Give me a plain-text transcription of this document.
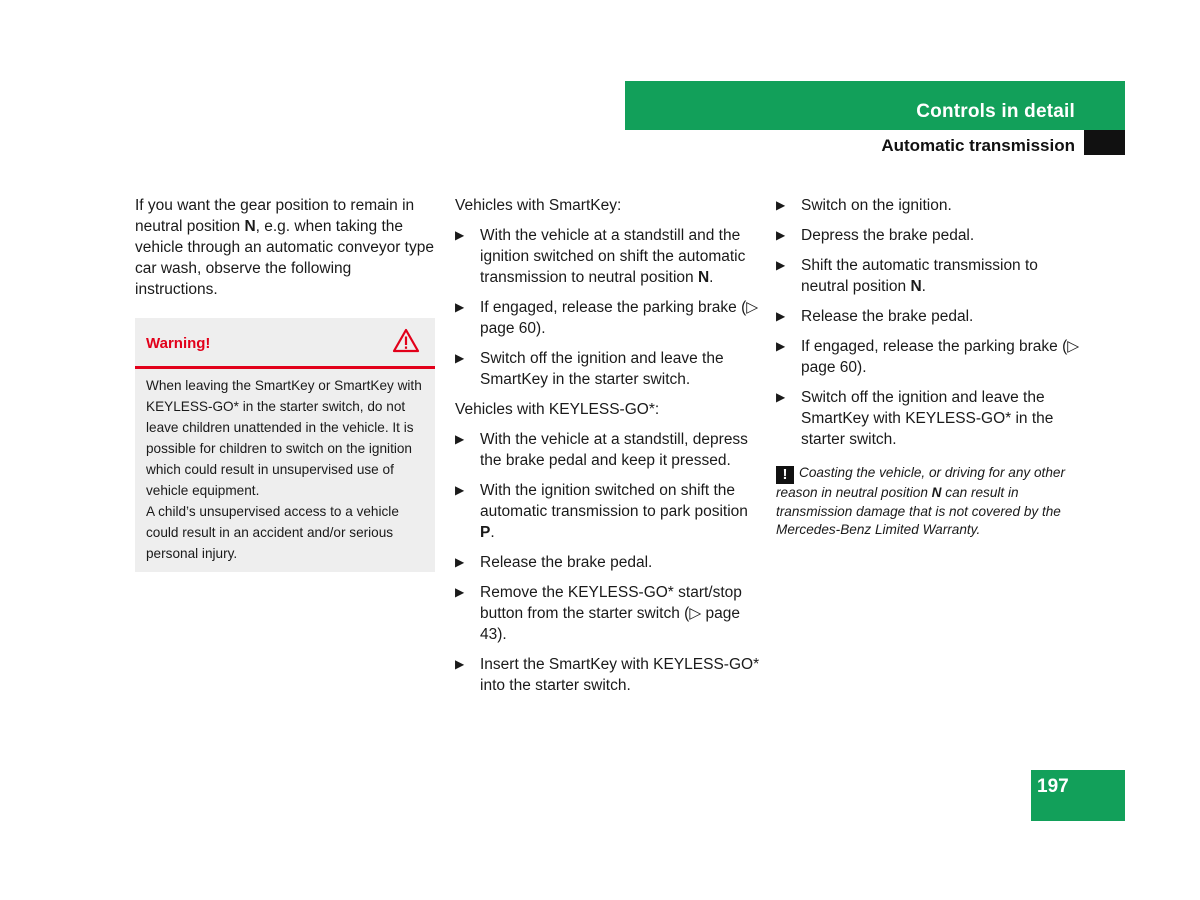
Controls in detail
Automatic transmission

If you want the gear position to remain in neutral position N, e.g. when taking the vehicle through an automatic conveyor type car wash, observe the following instructions.

Warning!

When leaving the SmartKey or SmartKey with KEYLESS-GO* in the starter switch, do not leave children unattended in the vehicle. It is possible for children to switch on the ignition which could result in unsupervised use of vehicle equipment.

A child’s unsupervised access to a vehicle could result in an accident and/or serious personal injury.

Vehicles with SmartKey:

▶ With the vehicle at a standstill and the ignition switched on shift the automatic transmission to neutral position N.
▶ If engaged, release the parking brake (▷ page 60).
▶ Switch off the ignition and leave the SmartKey in the starter switch.

Vehicles with KEYLESS-GO*:

▶ With the vehicle at a standstill, depress the brake pedal and keep it pressed.
▶ With the ignition switched on shift the automatic transmission to park position P.
▶ Release the brake pedal.
▶ Remove the KEYLESS-GO* start/stop button from the starter switch (▷ page 43).
▶ Insert the SmartKey with KEYLESS-GO* into the starter switch.
▶ Switch on the ignition.
▶ Depress the brake pedal.
▶ Shift the automatic transmission to neutral position N.
▶ Release the brake pedal.
▶ If engaged, release the parking brake (▷ page 60).
▶ Switch off the ignition and leave the SmartKey with KEYLESS-GO* in the starter switch.
! Coasting the vehicle, or driving for any other reason in neutral position N can result in transmission damage that is not covered by the Mercedes-Benz Limited Warranty.
197
